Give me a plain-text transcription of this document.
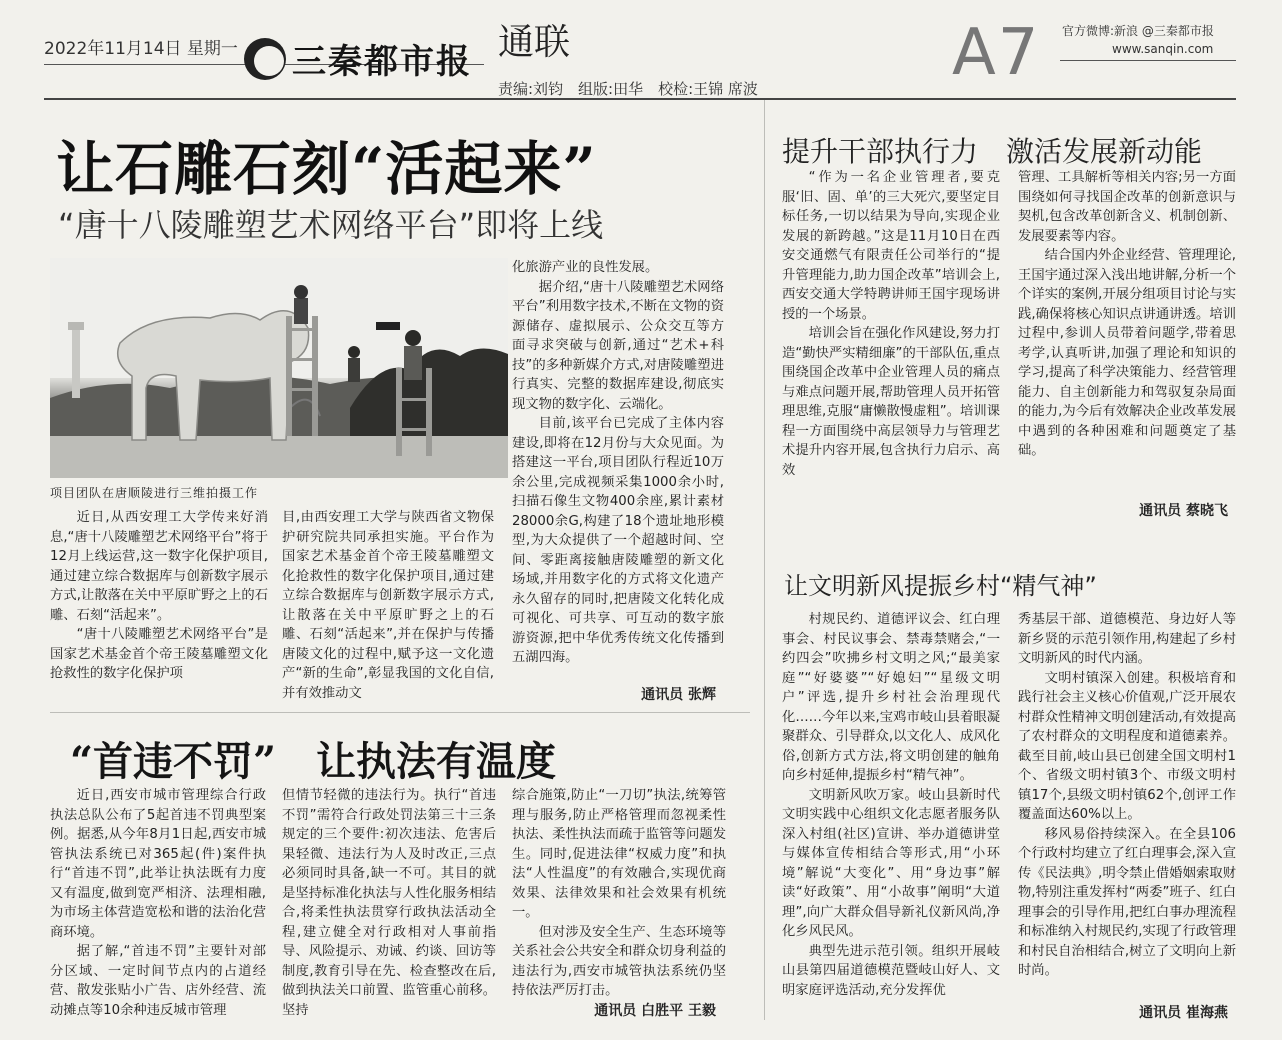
2022年11月14日 星期一 三秦都市报 通联
责编:刘钧　组版:田华　校检:王锦 席波	A7 官方微博:新浪 @三秦都市报
www.sanqin.com
让石雕石刻“活起来”
“唐十八陵雕塑艺术网络平台”即将上线
项目团队在唐顺陵进行三维拍摄工作

近日,从西安理工大学传来好消息,“唐十八陵雕塑艺术网络平台”将于12月上线运营,这一数字化保护项目,通过建立综合数据库与创新数字展示方式,让散落在关中平原旷野之上的石雕、石刻“活起来”。

“唐十八陵雕塑艺术网络平台”是国家艺术基金首个帝王陵墓雕塑文化抢救性的数字化保护项

目,由西安理工大学与陕西省文物保护研究院共同承担实施。平台作为国家艺术基金首个帝王陵墓雕塑文化抢救性的数字化保护项目,通过建立综合数据库与创新数字展示方式,让散落在关中平原旷野之上的石雕、石刻“活起来”,并在保护与传播唐陵文化的过程中,赋予这一文化遗产“新的生命”,彰显我国的文化自信,并有效推动文

化旅游产业的良性发展。

据介绍,“唐十八陵雕塑艺术网络平台”利用数字技术,不断在文物的资源储存、虚拟展示、公众交互等方面寻求突破与创新,通过“艺术+科技”的多种新媒介方式,对唐陵雕塑进行真实、完整的数据库建设,彻底实现文物的数字化、云端化。

目前,该平台已完成了主体内容建设,即将在12月份与大众见面。为搭建这一平台,项目团队行程近10万余公里,完成视频采集1000余小时,扫描石像生文物400余座,累计素材28000余G,构建了18个遗址地形模型,为大众提供了一个超越时间、空间、零距离接触唐陵雕塑的新文化场域,并用数字化的方式将文化遗产永久留存的同时,把唐陵文化转化成可视化、可共享、可互动的数字旅游资源,把中华优秀传统文化传播到五湖四海。

通讯员 张辉
“首违不罚”　让执法有温度

近日,西安市城市管理综合行政执法总队公布了5起首违不罚典型案例。据悉,从今年8月1日起,西安市城管执法系统已对365起(件)案件执行“首违不罚”,此举让执法既有力度又有温度,做到宽严相济、法理相融,为市场主体营造宽松和谐的法治化营商环境。

据了解,“首违不罚”主要针对部分区域、一定时间节点内的占道经营、散发张贴小广告、店外经营、流动摊点等10余种违反城市管理

但情节轻微的违法行为。执行“首违不罚”需符合行政处罚法第三十三条规定的三个要件:初次违法、危害后果轻微、违法行为人及时改正,三点必须同时具备,缺一不可。其目的就是坚持标准化执法与人性化服务相结合,将柔性执法贯穿行政执法活动全程,建立健全对行政相对人事前指导、风险提示、劝诫、约谈、回访等制度,教育引导在先、检查整改在后,做到执法关口前置、监管重心前移。坚持

综合施策,防止“一刀切”执法,统筹管理与服务,防止严格管理而忽视柔性执法、柔性执法而疏于监管等问题发生。同时,促进法律“权威力度”和执法“人性温度”的有效融合,实现优商效果、法律效果和社会效果有机统一。

但对涉及安全生产、生态环境等关系社会公共安全和群众切身利益的违法行为,西安市城管执法系统仍坚持依法严厉打击。

通讯员 白胜平 王毅
提升干部执行力　激活发展新动能

“作为一名企业管理者,要克服‘旧、固、单’的三大死穴,要坚定目标任务,一切以结果为导向,实现企业发展的新跨越。”这是11月10日在西安交通燃气有限责任公司举行的“提升管理能力,助力国企改革”培训会上,西安交通大学特聘讲师王国宇现场讲授的一个场景。

培训会旨在强化作风建设,努力打造“勤快严实精细廉”的干部队伍,重点围绕国企改革中企业管理人员的痛点与难点问题开展,帮助管理人员开拓管理思维,克服“庸懒散慢虚粗”。培训课程一方面围绕中高层领导力与管理艺术提升内容开展,包含执行力启示、高效

管理、工具解析等相关内容;另一方面围绕如何寻找国企改革的创新意识与契机,包含改革创新含义、机制创新、发展要素等内容。

结合国内外企业经营、管理理论,王国宇通过深入浅出地讲解,分析一个个详实的案例,开展分组项目讨论与实践,确保将核心知识点讲通讲透。培训过程中,参训人员带着问题学,带着思考学,认真听讲,加强了理论和知识的学习,提高了科学决策能力、经营管理能力、自主创新能力和驾驭复杂局面的能力,为今后有效解决企业改革发展中遇到的各种困难和问题奠定了基础。

通讯员 蔡晓飞
让文明新风提振乡村“精气神”

村规民约、道德评议会、红白理事会、村民议事会、禁毒禁赌会,“一约四会”吹拂乡村文明之风;“最美家庭”“好婆婆”“好媳妇”“星级文明户”评选,提升乡村社会治理现代化……今年以来,宝鸡市岐山县着眼凝聚群众、引导群众,以文化人、成风化俗,创新方式方法,将文明创建的触角向乡村延伸,提振乡村“精气神”。

文明新风吹万家。岐山县新时代文明实践中心组织文化志愿者服务队深入村组(社区)宣讲、举办道德讲堂与媒体宣传相结合等形式,用“小环境”解说“大变化”、用“身边事”解读“好政策”、用“小故事”阐明“大道理”,向广大群众倡导新礼仪新风尚,净化乡风民风。

典型先进示范引领。组织开展岐山县第四届道德模范暨岐山好人、文明家庭评选活动,充分发挥优

秀基层干部、道德模范、身边好人等新乡贤的示范引领作用,构建起了乡村文明新风的时代内涵。

文明村镇深入创建。积极培育和践行社会主义核心价值观,广泛开展农村群众性精神文明创建活动,有效提高了农村群众的文明程度和道德素养。截至目前,岐山县已创建全国文明村1个、省级文明村镇3个、市级文明村镇17个,县级文明村镇62个,创评工作覆盖面达60%以上。

移风易俗持续深入。在全县106个行政村均建立了红白理事会,深入宣传《民法典》,明令禁止借婚姻索取财物,特别注重发挥村“两委”班子、红白理事会的引导作用,把红白事办理流程和标准纳入村规民约,实现了行政管理和村民自治相结合,树立了文明向上新时尚。

通讯员 崔海燕
